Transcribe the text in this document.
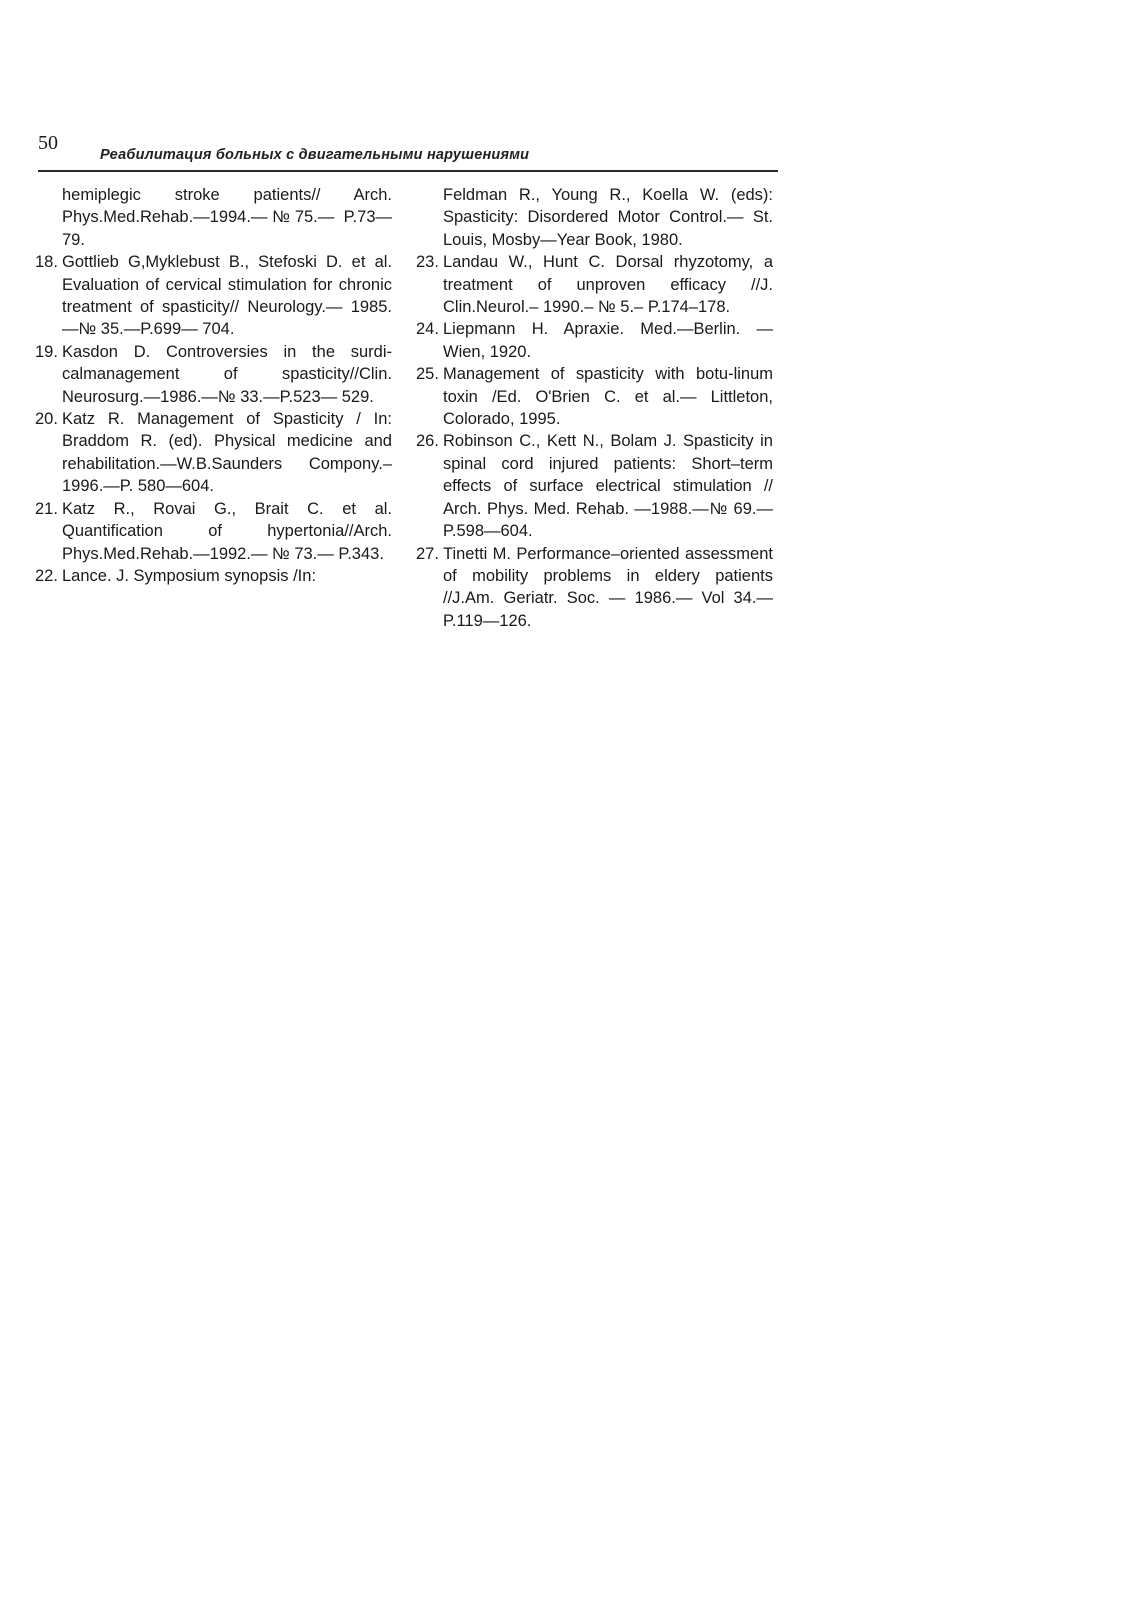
50
Реабилитация больных с двигательными нарушениями

hemiplegic stroke patients// Arch. Phys.Med.Rehab.—1994.—№75.— P.73—79.

18. Gottlieb G,Myklebust B., Stefoski D. et al. Evaluation of cervical stimulation for chronic treatment of spasticity// Neurology.— 1985.—№ 35.—P.699— 704.
19. Kasdon D. Controversies in the surdi-calmanagement of spasticity//Clin. Neurosurg.—1986.—№ 33.—P.523— 529.
20. Katz R. Management of Spasticity / In: Braddom R. (ed). Physical medicine and rehabilitation.—W.B.Saunders Compony.–1996.—P. 580—604.
21. Katz R., Rovai G., Brait C. et al. Quantification of hypertonia//Arch. Phys.Med.Rehab.—1992.— № 73.— P.343.
22. Lance. J. Symposium synopsis /In:

Feldman R., Young R., Koella W. (eds): Spasticity: Disordered Motor Control.— St. Louis, Mosby—Year Book, 1980.

23. Landau W., Hunt C. Dorsal rhyzotomy, a treatment of unproven efficacy //J. Clin.Neurol.– 1990.– № 5.– P.174–178.
24. Liepmann H. Apraxie. Med.—Berlin. — Wien, 1920.
25. Management of spasticity with botu-linum toxin /Ed. O'Brien C. et al.— Littleton, Colorado, 1995.
26. Robinson C., Kett N., Bolam J. Spasticity in spinal cord injured patients: Short–term effects of surface electrical stimulation // Arch. Phys. Med. Rehab. —1988.—№ 69.—P.598—604.
27. Tinetti M. Performance–oriented assessment of mobility problems in eldery patients //J.Am. Geriatr. Soc. — 1986.— Vol 34.—P.119—126.
